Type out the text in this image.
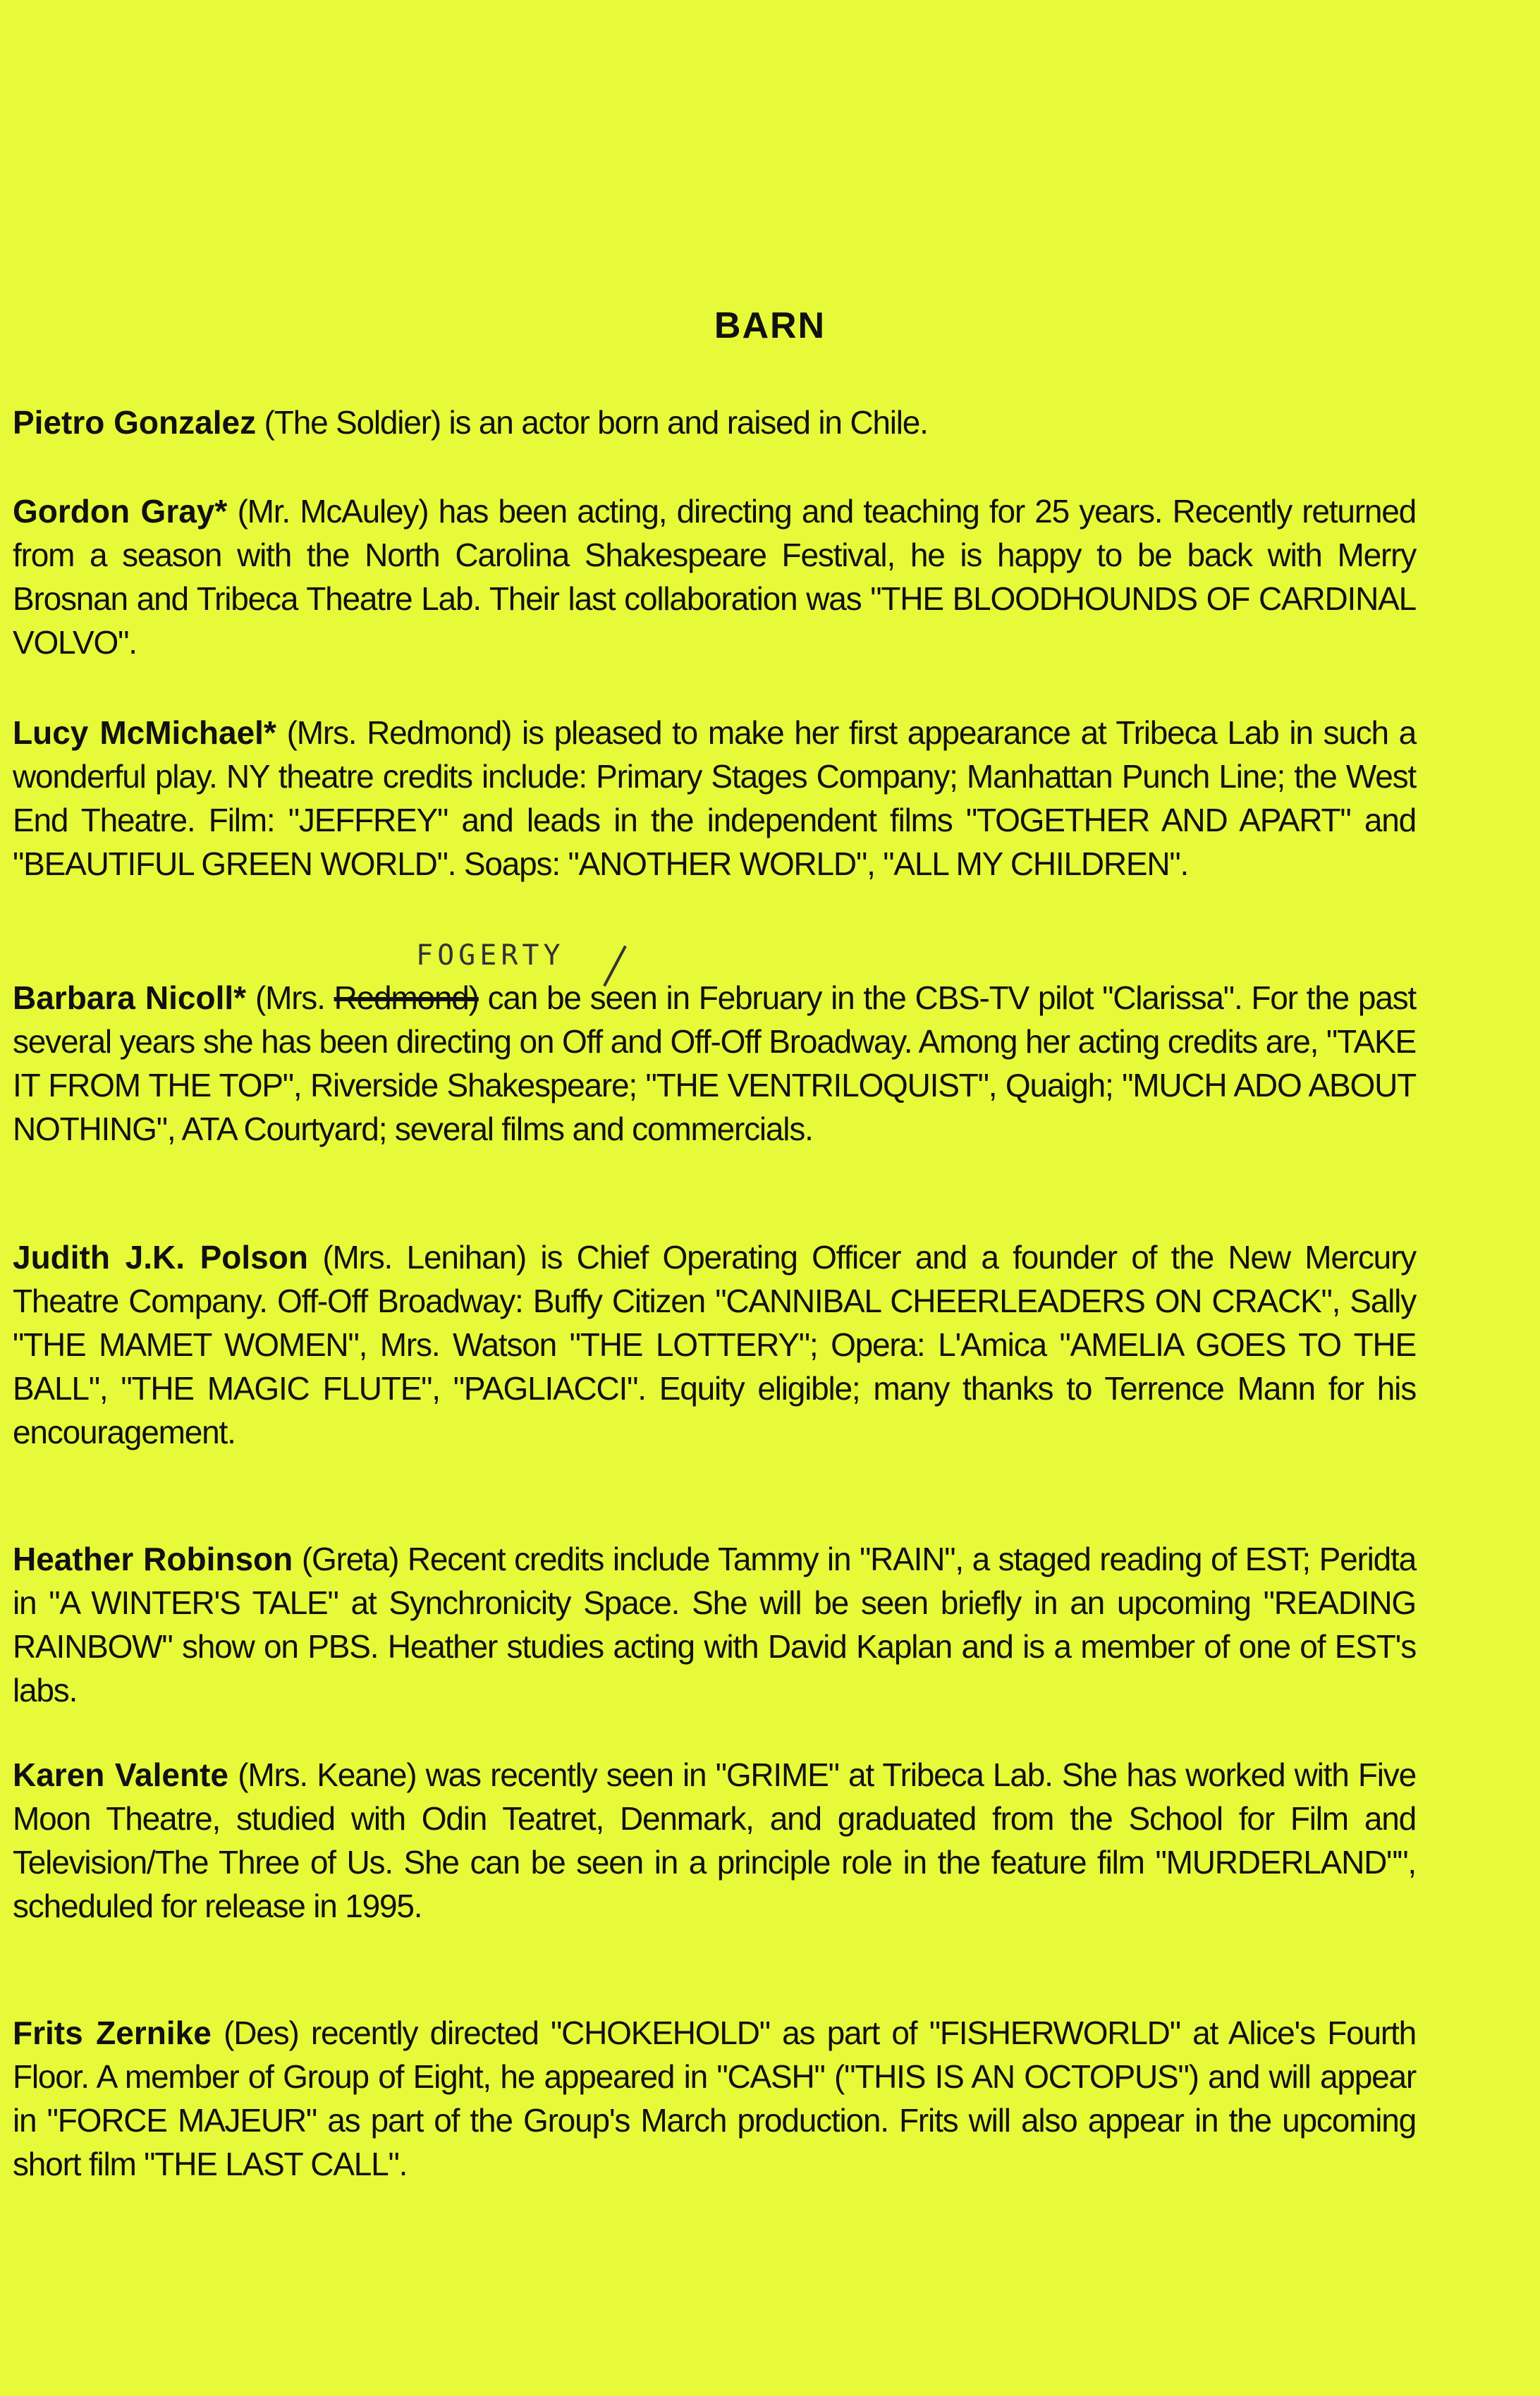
BARN
Pietro Gonzalez (The Soldier) is an actor born and raised in Chile.
Gordon Gray* (Mr. McAuley) has been acting, directing and teaching for 25 years. Recently returned from a season with the North Carolina Shakespeare Festival, he is happy to be back with Merry Brosnan and Tribeca Theatre Lab. Their last collaboration was "THE BLOODHOUNDS OF CARDINAL VOLVO".
Lucy McMichael* (Mrs. Redmond) is pleased to make her first appearance at Tribeca Lab in such a wonderful play. NY theatre credits include: Primary Stages Company; Manhattan Punch Line; the West End Theatre. Film: "JEFFREY" and leads in the independent films "TOGETHER AND APART" and "BEAUTIFUL GREEN WORLD". Soaps: "ANOTHER WORLD", "ALL MY CHILDREN".
FOGERTY
Barbara Nicoll* (Mrs. Redmond) can be seen in February in the CBS-TV pilot "Clarissa". For the past several years she has been directing on Off and Off-Off Broadway. Among her acting credits are, "TAKE IT FROM THE TOP", Riverside Shakespeare; "THE VENTRILOQUIST", Quaigh; "MUCH ADO ABOUT NOTHING", ATA Courtyard; several films and commercials.
Judith J.K. Polson (Mrs. Lenihan) is Chief Operating Officer and a founder of the New Mercury Theatre Company. Off-Off Broadway: Buffy Citizen "CANNIBAL CHEERLEADERS ON CRACK", Sally "THE MAMET WOMEN", Mrs. Watson "THE LOTTERY"; Opera: L'Amica "AMELIA GOES TO THE BALL", "THE MAGIC FLUTE", "PAGLIACCI". Equity eligible; many thanks to Terrence Mann for his encouragement.
Heather Robinson (Greta) Recent credits include Tammy in "RAIN", a staged reading of EST; Peridta in "A WINTER'S TALE" at Synchronicity Space. She will be seen briefly in an upcoming "READING RAINBOW" show on PBS. Heather studies acting with David Kaplan and is a member of one of EST's labs.
Karen Valente (Mrs. Keane) was recently seen in "GRIME" at Tribeca Lab. She has worked with Five Moon Theatre, studied with Odin Teatret, Denmark, and graduated from the School for Film and Television/The Three of Us. She can be seen in a principle role in the feature film "MURDERLAND"", scheduled for release in 1995.
Frits Zernike (Des) recently directed "CHOKEHOLD" as part of "FISHERWORLD" at Alice's Fourth Floor. A member of Group of Eight, he appeared in "CASH" ("THIS IS AN OCTOPUS") and will appear in "FORCE MAJEUR" as part of the Group's March production. Frits will also appear in the upcoming short film "THE LAST CALL".
